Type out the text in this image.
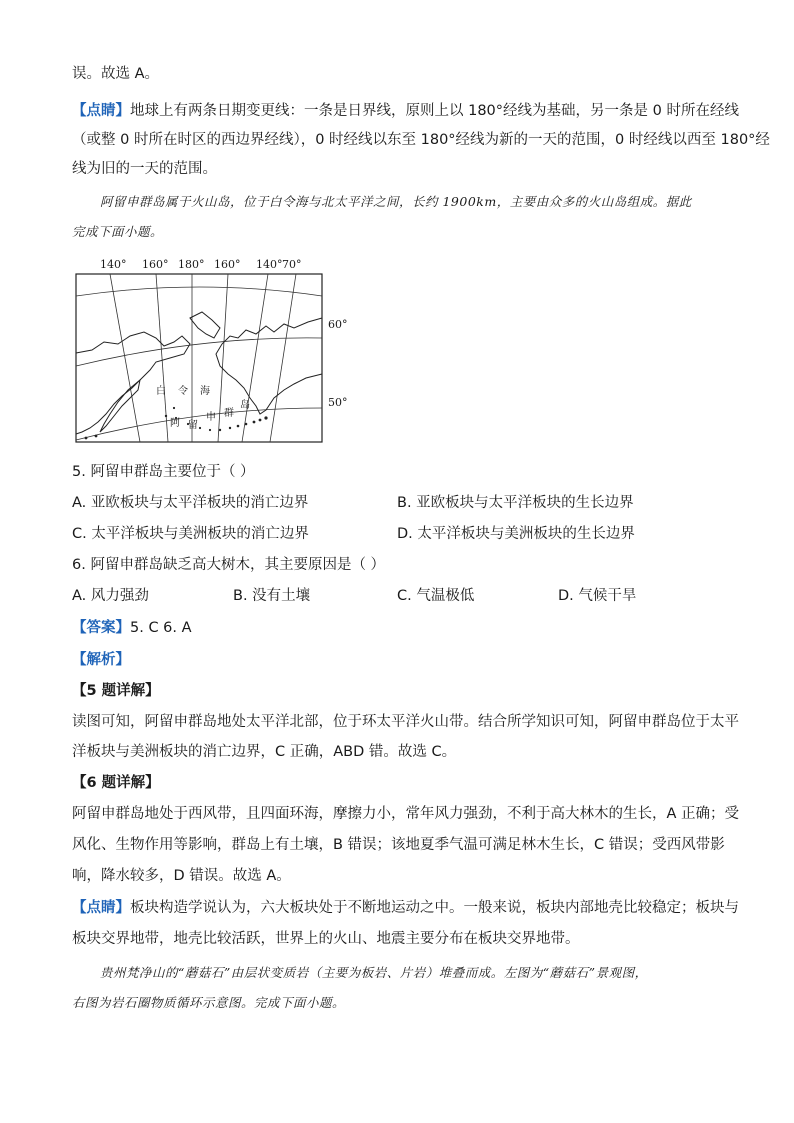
误。故选 A。
【点睛】地球上有两条日期变更线：一条是日界线，原则上以 180°经线为基础，另一条是 0 时所在经线
（或整 0 时所在时区的西边界经线），0 时经线以东至 180°经线为新的一天的范围，0 时经线以西至 180°经
线为旧的一天的范围。
阿留申群岛属于火山岛，位于白令海与北太平洋之间，长约 1900km，主要由众多的火山岛组成。据此
完成下面小题。
140° 160° 180° 160° 140° 70°
60°
50°
白 令 海
阿 留
申 群
岛
5. 阿留申群岛主要位于（ ）
A. 亚欧板块与太平洋板块的消亡边界	B. 亚欧板块与太平洋板块的生长边界
C. 太平洋板块与美洲板块的消亡边界	D. 太平洋板块与美洲板块的生长边界
6. 阿留申群岛缺乏高大树木，其主要原因是（ ）
A. 风力强劲	B. 没有土壤	C. 气温极低	D. 气候干旱
【答案】5. C 6. A
【解析】
【5 题详解】
读图可知，阿留申群岛地处太平洋北部，位于环太平洋火山带。结合所学知识可知，阿留申群岛位于太平
洋板块与美洲板块的消亡边界，C 正确，ABD 错。故选 C。
【6 题详解】
阿留申群岛地处于西风带，且四面环海，摩擦力小，常年风力强劲，不利于高大林木的生长，A 正确；受
风化、生物作用等影响，群岛上有土壤，B 错误；该地夏季气温可满足林木生长，C 错误；受西风带影
响，降水较多，D 错误。故选 A。
【点睛】板块构造学说认为，六大板块处于不断地运动之中。一般来说，板块内部地壳比较稳定；板块与
板块交界地带，地壳比较活跃，世界上的火山、地震主要分布在板块交界地带。
贵州梵净山的“蘑菇石”由层状变质岩（主要为板岩、片岩）堆叠而成。左图为“蘑菇石”景观图，
右图为岩石圈物质循环示意图。完成下面小题。
